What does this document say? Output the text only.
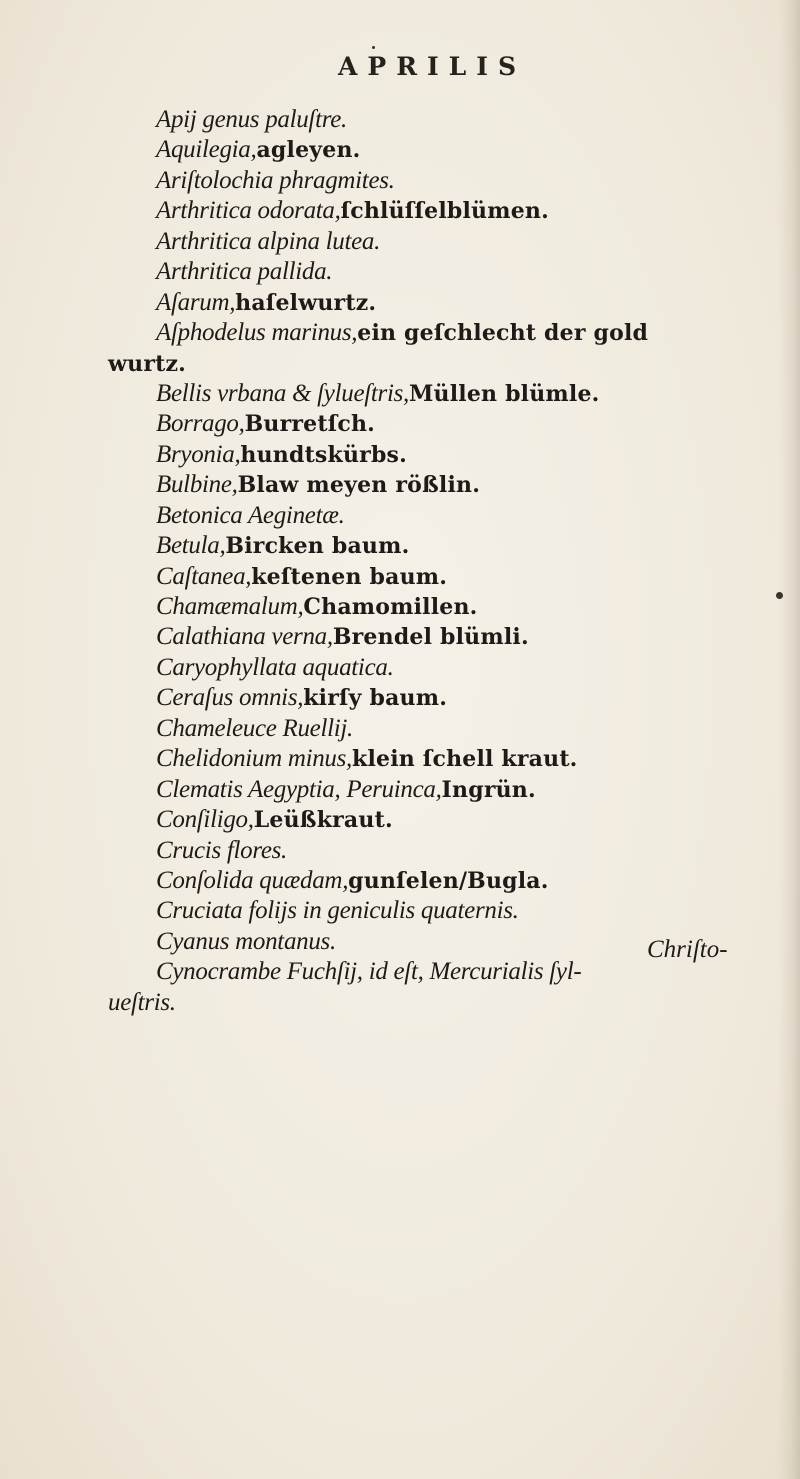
APRILIS
Apij genus paluſtre.
Aquilegia,agleyen.
Ariſtolochia phragmites.
Arthritica odorata,ſchlüſſelblümen.
Arthritica alpina lutea.
Arthritica pallida.
Aſarum,haſelwurtz.
Aſphodelus marinus,ein geſchlecht der gold
wurtz.
Bellis vrbana & ſylueſtris,Müllen blümle.
Borrago,Burretſch.
Bryonia,hundtskürbs.
Bulbine,Blaw meyen rößlin.
Betonica Aeginetæ.
Betula,Bircken baum.
Caſtanea,keſtenen baum.
Chamæmalum,Chamomillen.
Calathiana verna,Brendel blümli.
Caryophyllata aquatica.
Ceraſus omnis,kirſy baum.
Chameleuce Ruellij.
Chelidonium minus,klein ſchell kraut.
Clematis Aegyptia, Peruinca,Ingrün.
Conſiligo,Leüßkraut.
Crucis flores.
Conſolida quædam,gunſelen/Bugla.
Cruciata folijs in geniculis quaternis.
Cyanus montanus.
Cynocrambe Fuchſij, id eſt, Mercurialis ſyl-
ueſtris.
Chriſto-
